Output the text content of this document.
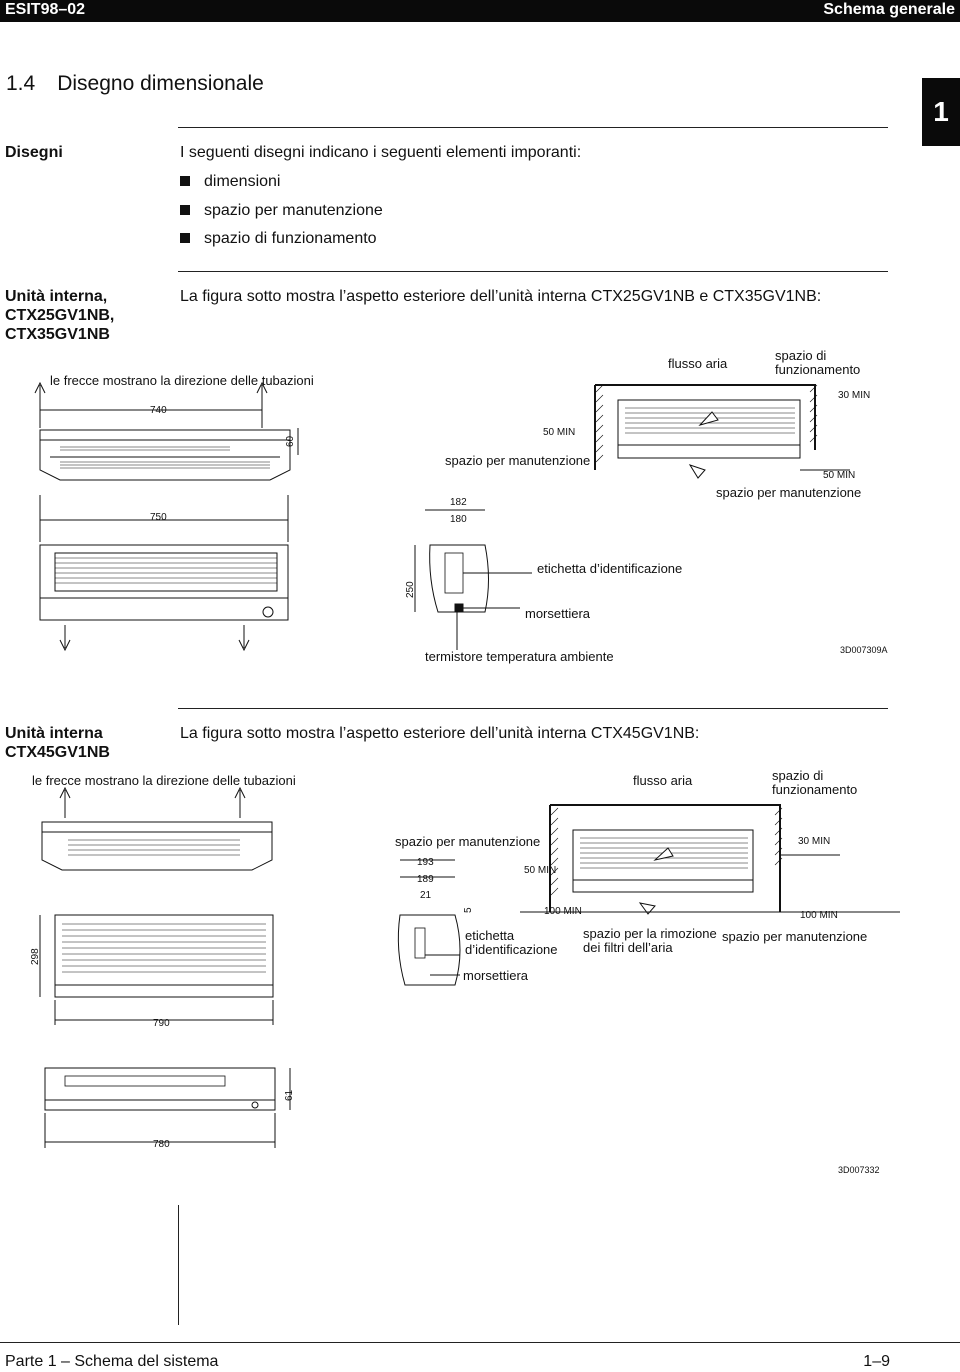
ESIT98–02	Schema generale
1.4 Disegno dimensionale
1
Disegni	I seguenti disegni indicano i seguenti elementi imporanti:
dimensioni
spazio per manutenzione
spazio di funzionamento
Unità interna,
CTX25GV1NB,
CTX35GV1NB
La figura sotto mostra l’aspetto esteriore dell’unità interna CTX25GV1NB e CTX35GV1NB:
le frecce mostrano la direzione delle tubazioni
740
60
750
250
182
180
50 MIN
50 MIN
30 MIN
spazio per manutenzione
spazio per manutenzione
flusso aria
spazio di
funzionamento
etichetta d’identificazione
morsettiera
termistore temperatura ambiente	3D007309A
Unità interna
CTX45GV1NB
La figura sotto mostra l’aspetto esteriore dell’unità interna CTX45GV1NB:
le frecce mostrano la direzione delle tubazioni	flusso aria	spazio di
funzionamento
spazio per manutenzione
193
189
21
5
50 MIN
30 MIN
100 MIN	100 MIN
298
790
61
780
etichetta
d’identificazione
morsettiera
spazio per la rimozione
dei filtri dell’aria
spazio per manutenzione
3D007332
Parte 1 – Schema del sistema	1–9
